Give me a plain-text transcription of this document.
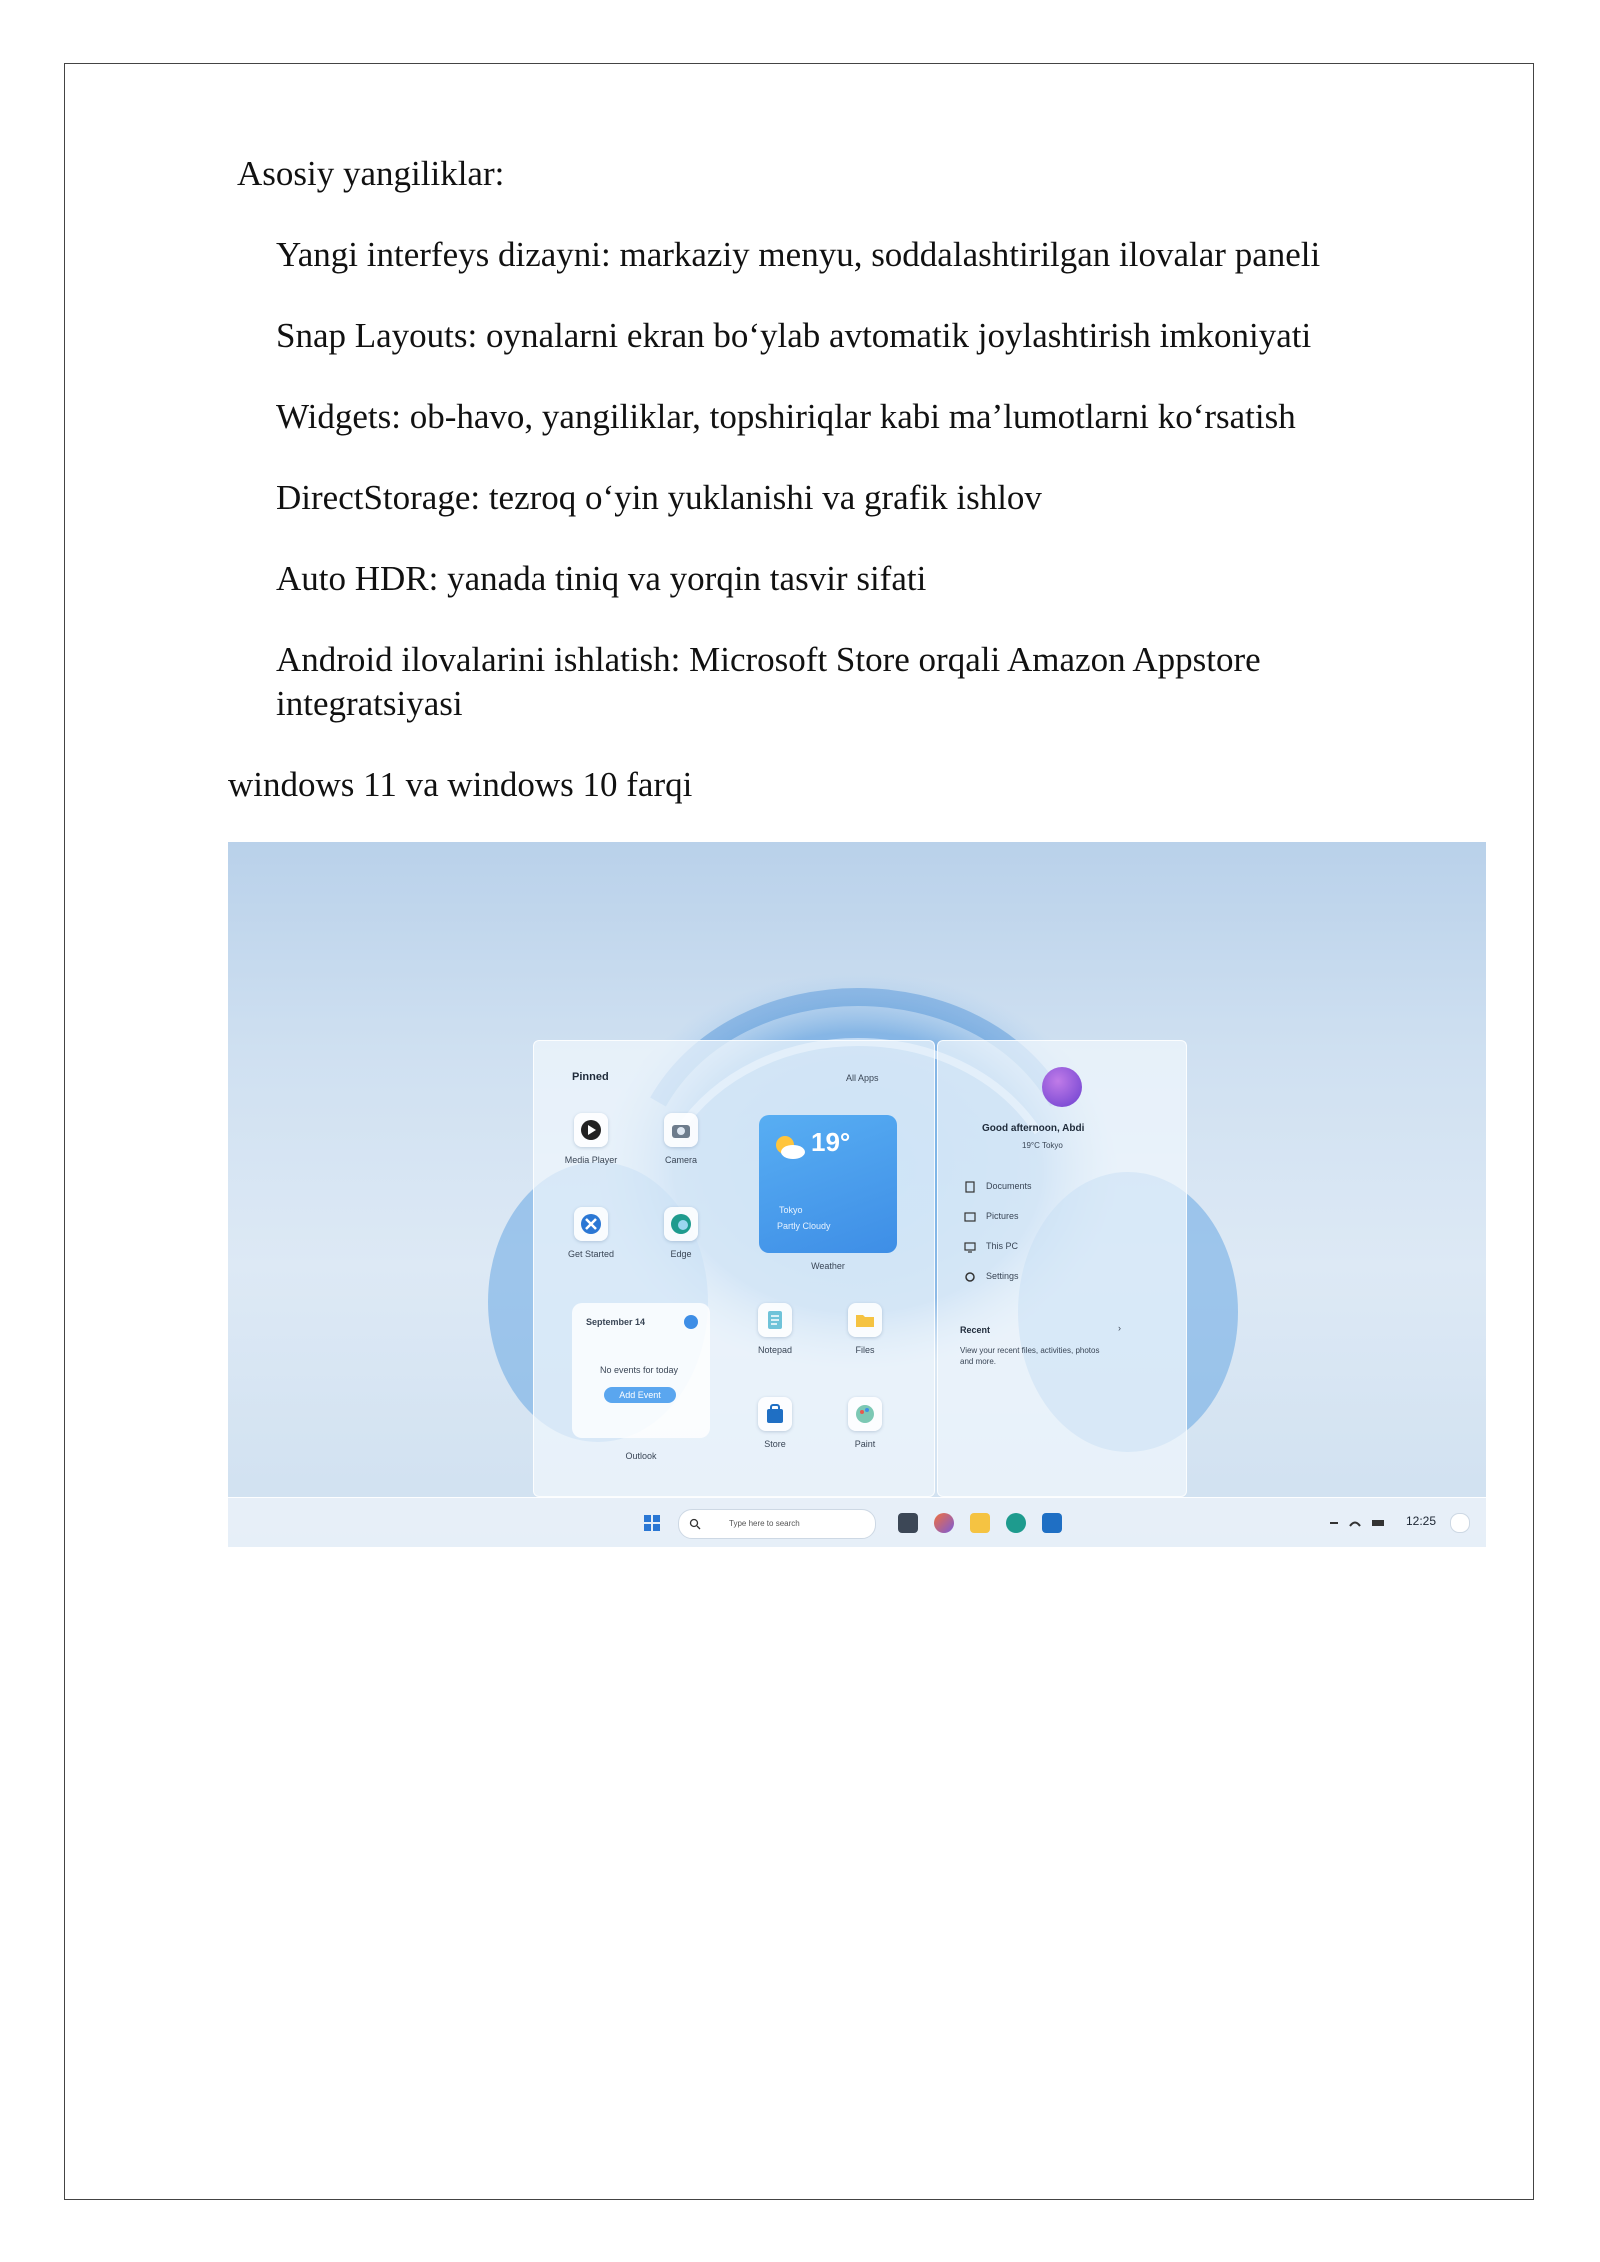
Asosiy yangiliklar:

Yangi interfeys dizayni: markaziy menyu, soddalashtirilgan ilovalar paneli

Snap Layouts: oynalarni ekran bo‘ylab avtomatik joylashtirish imkoniyati

Widgets: ob-havo, yangiliklar, topshiriqlar kabi ma’lumotlarni ko‘rsatish

DirectStorage: tezroq o‘yin yuklanishi va grafik ishlov

Auto HDR: yanada tiniq va yorqin tasvir sifati

Android ilovalarini ishlatish: Microsoft Store orqali Amazon Appstore integratsiyasi

windows 11 va windows 10 farqi

Pinned	All Apps
Media Player	Camera
Get Started	Edge
19°
Tokyo
Partly Cloudy
Weather
September 14
No events for today
Add Event
Outlook
Notepad	Files
Store	Paint
Good afternoon, Abdi
19°C Tokyo
Documents
Pictures
This PC
Settings
Recent	›
View your recent files, activities, photos and more.
Type here to search	12:25
